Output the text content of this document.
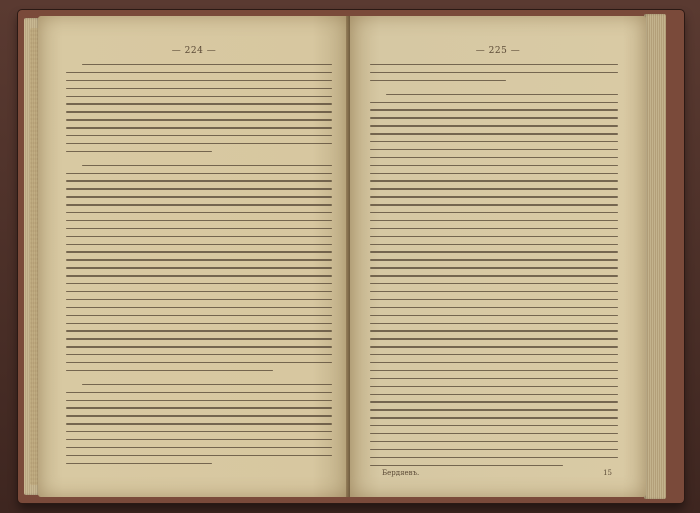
— 224 —	— 225 —
Бердяевъ.	15
